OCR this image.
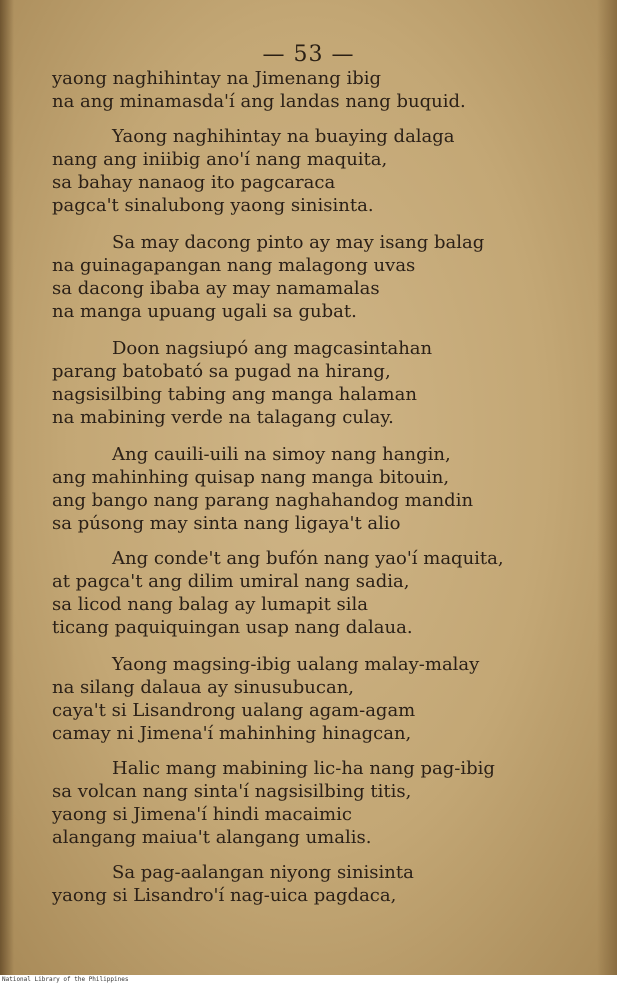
— 53 —
yaong naghihintay na Jimenang ibig
na ang minamasda'í ang landas nang buquid.
Yaong naghihintay na buaying dalaga
nang ang iniibig ano'í nang maquita,
sa bahay nanaog ito pagcaraca
pagca't sinalubong yaong sinisinta.
Sa may dacong pinto ay may isang balag
na guinagapangan nang malagong uvas
sa dacong ibaba ay may namamalas
na manga upuang ugali sa gubat.
Doon nagsiupó ang magcasintahan
parang batobató sa pugad na hirang,
nagsisilbing tabing ang manga halaman
na mabining verde na talagang culay.
Ang cauili-uili na simoy nang hangin,
ang mahinhing quisap nang manga bitouin,
ang bango nang parang naghahandog mandin
sa púsong may sinta nang ligaya't alio
Ang conde't ang bufón nang yao'í maquita,
at pagca't ang dilim umiral nang sadia,
sa licod nang balag ay lumapit sila
ticang paquiquingan usap nang dalaua.
Yaong magsing-ibig ualang malay-malay
na silang dalaua ay sinusubucan,
caya't si Lisandrong ualang agam-agam
camay ni Jimena'í mahinhing hinagcan,
Halic mang mabining lic-ha nang pag-ibig
sa volcan nang sinta'í nagsisilbing titis,
yaong si Jimena'í hindi macaimic
alangang maiua't alangang umalis.
Sa pag-aalangan niyong sinisinta
yaong si Lisandro'í nag-uica pagdaca,
National Library of the Philippines
